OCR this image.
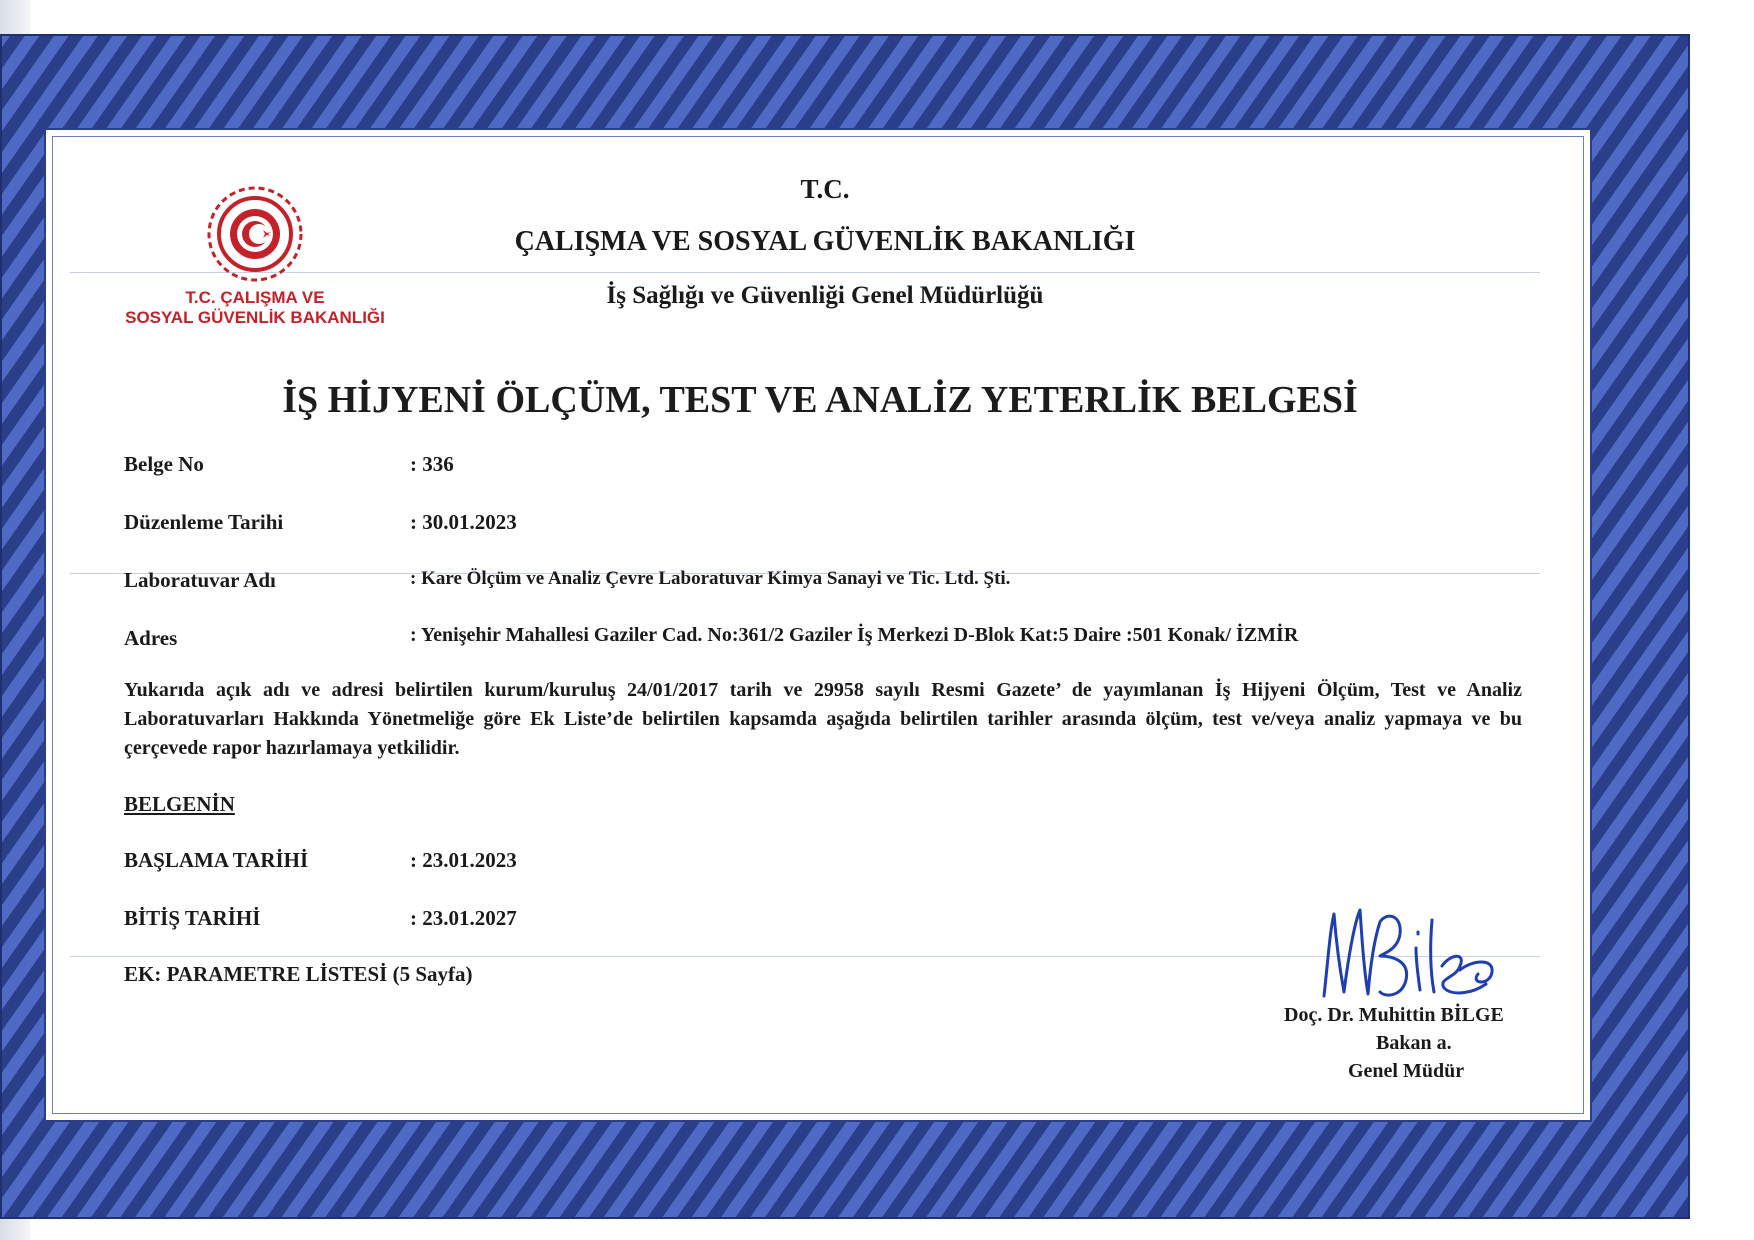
T.C. ÇALIŞMA VE
SOSYAL GÜVENLİK BAKANLIĞI
T.C.
ÇALIŞMA VE SOSYAL GÜVENLİK BAKANLIĞI
İş Sağlığı ve Güvenliği Genel Müdürlüğü
İŞ HİJYENİ ÖLÇÜM, TEST VE ANALİZ YETERLİK BELGESİ
Belge No	: 336
Düzenleme Tarihi	: 30.01.2023
Laboratuvar Adı	: Kare Ölçüm ve Analiz Çevre Laboratuvar Kimya Sanayi ve Tic. Ltd. Şti.
Adres	: Yenişehir Mahallesi Gaziler Cad. No:361/2 Gaziler İş Merkezi D-Blok Kat:5 Daire :501 Konak/ İZMİR
Yukarıda açık adı ve adresi belirtilen kurum/kuruluş 24/01/2017 tarih ve 29958 sayılı Resmi Gazete’ de yayımlanan İş Hijyeni Ölçüm, Test ve Analiz Laboratuvarları Hakkında Yönetmeliğe göre Ek Liste’de belirtilen kapsamda aşağıda belirtilen tarihler arasında ölçüm, test ve/veya analiz yapmaya ve bu çerçevede rapor hazırlamaya yetkilidir.
BELGENİN
BAŞLAMA TARİHİ	: 23.01.2023
BİTİŞ TARİHİ	: 23.01.2027
EK: PARAMETRE LİSTESİ (5 Sayfa)
Doç. Dr. Muhittin BİLGE
Bakan a.
Genel Müdür
